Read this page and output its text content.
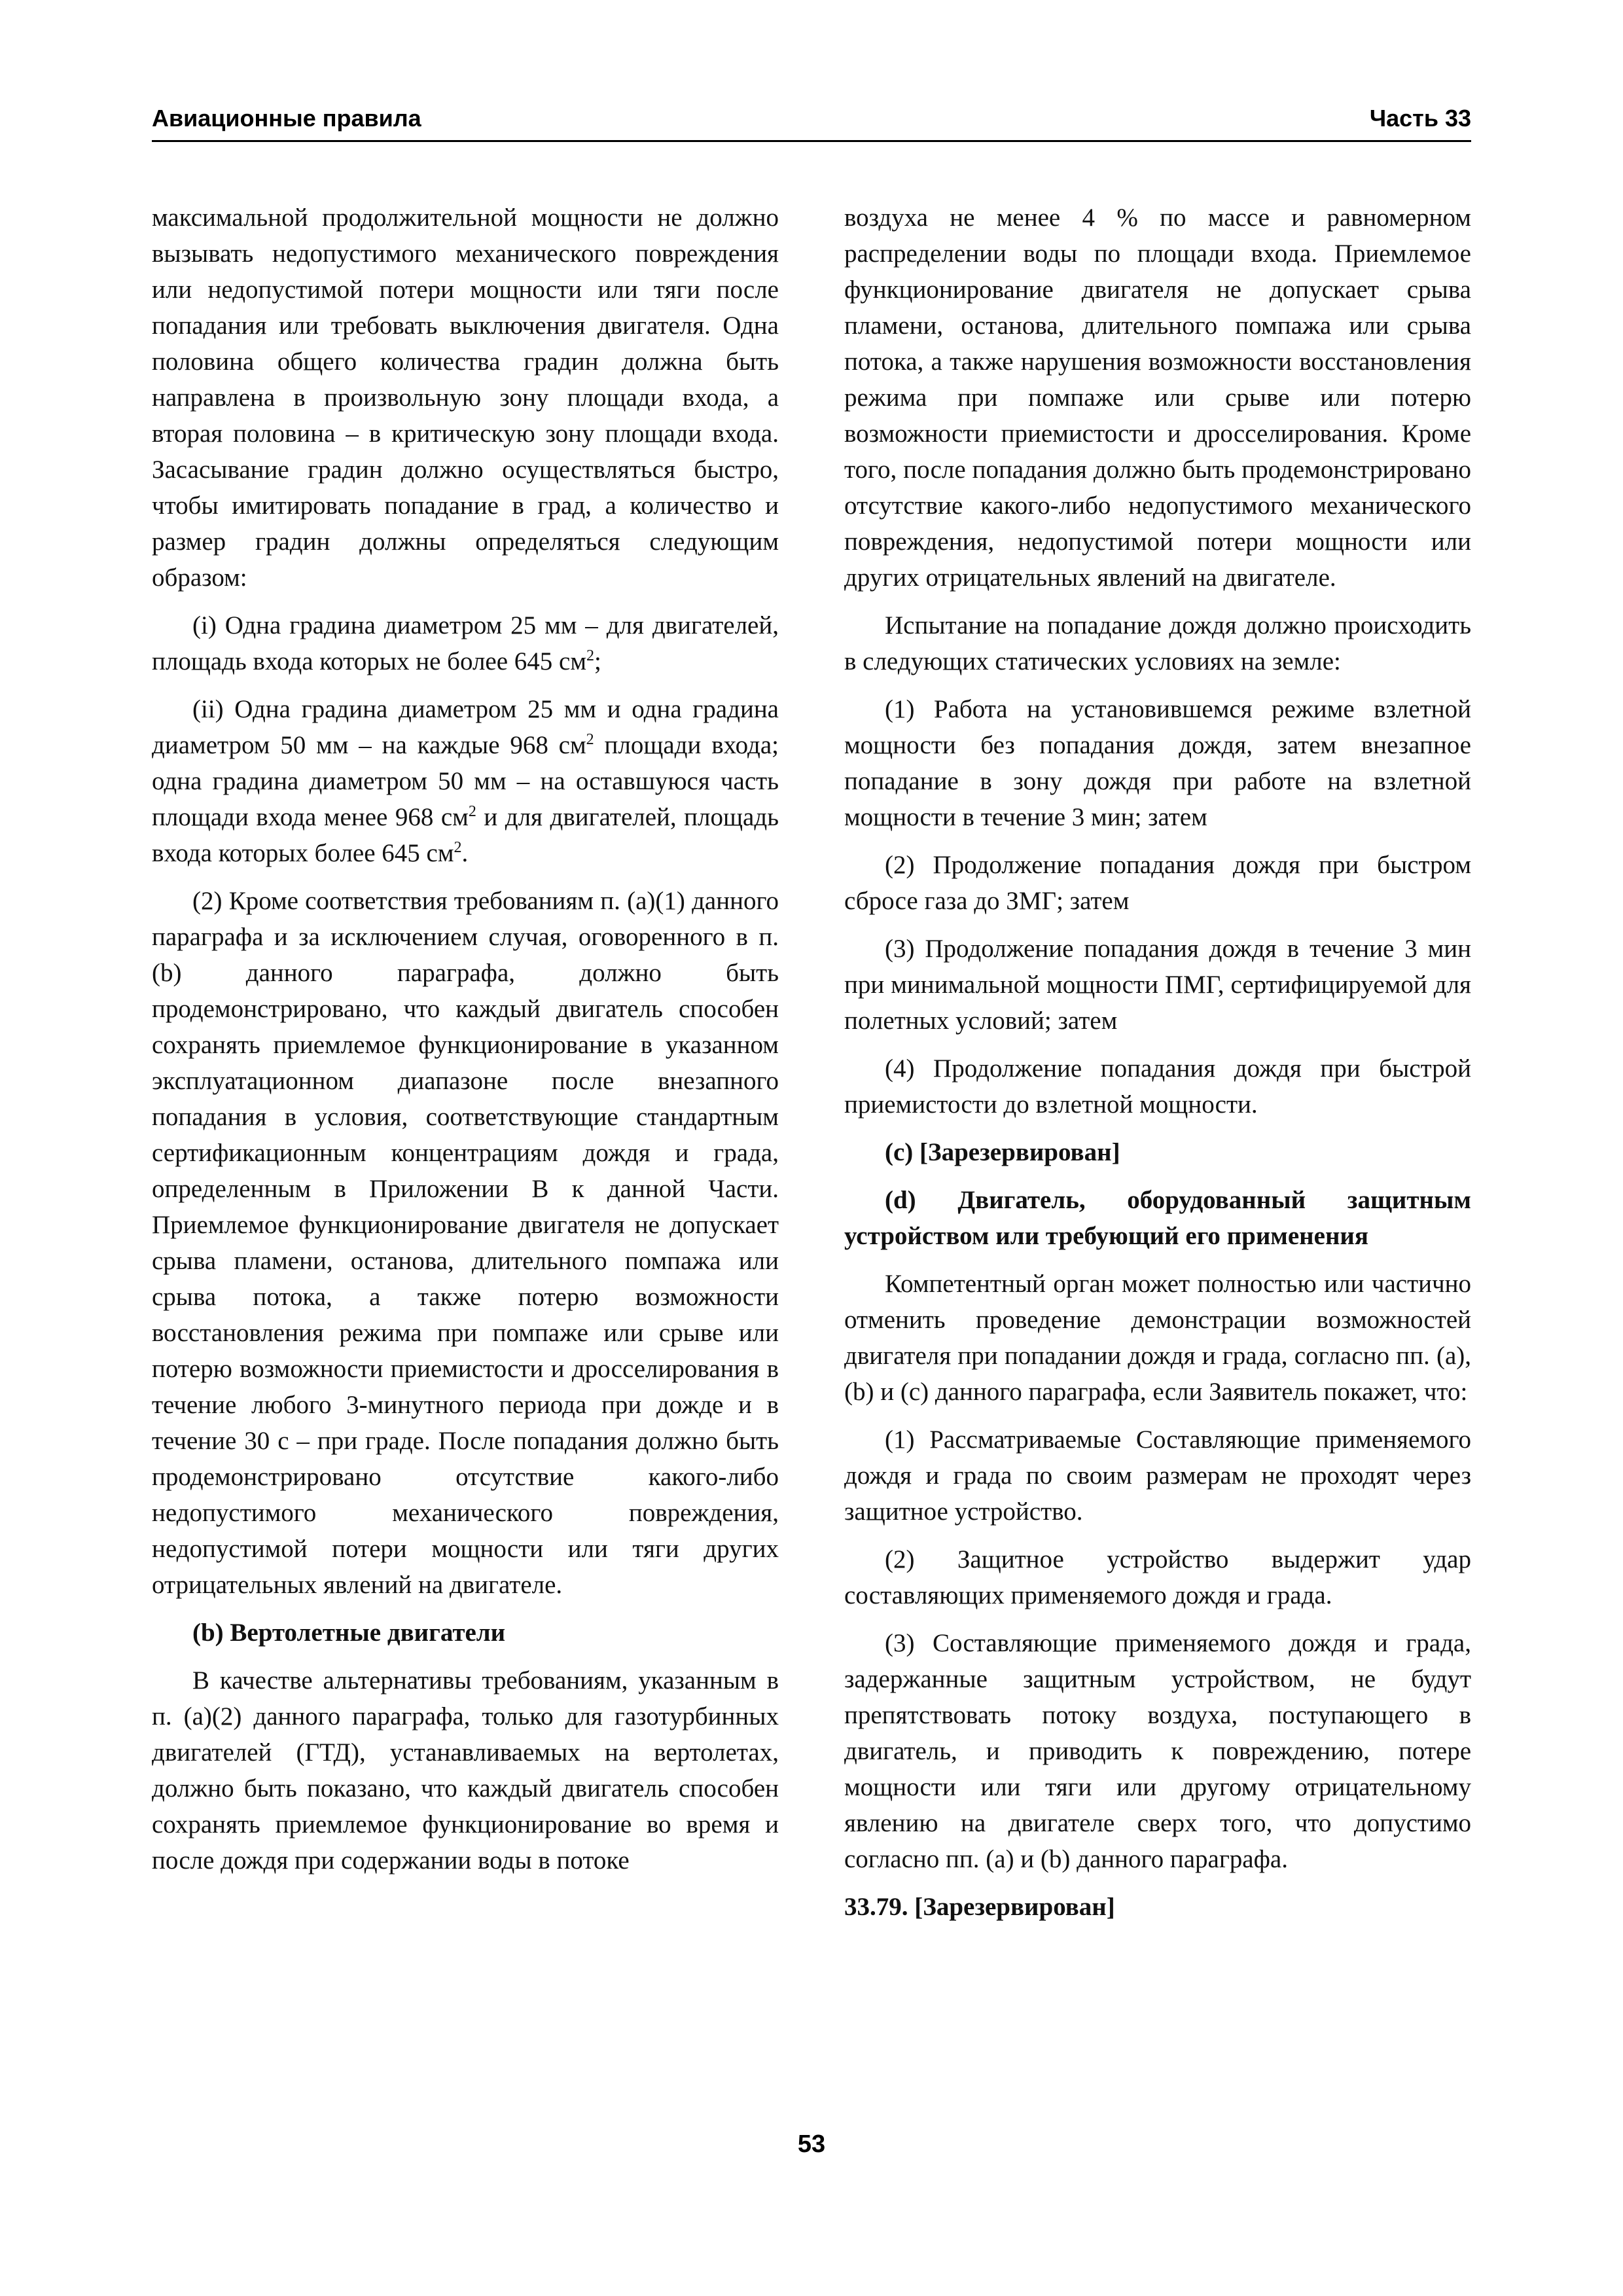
Авиационные правила	Часть 33

максимальной продолжительной мощности не должно вызывать недопустимого механического повреждения или недопустимой потери мощности или тяги после попадания или требовать выключения двигателя. Одна половина общего количества градин должна быть направлена в произвольную зону площади входа, а вторая половина – в критическую зону площади входа. Засасывание градин должно осуществляться быстро, чтобы имитировать попадание в град, а количество и размер градин должны определяться следующим образом:

(i) Одна градина диаметром 25 мм – для двигателей, площадь входа которых не более 645 $см^2$;

(ii) Одна градина диаметром 25 мм и одна градина диаметром 50 мм – на каждые 968 $см^2$ площади входа; одна градина диаметром 50 мм – на оставшуюся часть площади входа менее 968 $см^2$ и для двигателей, площадь входа которых более 645 $см^2$.

(2) Кроме соответствия требованиям п. (a)(1) данного параграфа и за исключением случая, оговоренного в п. (b) данного параграфа, должно быть продемонстрировано, что каждый двигатель способен сохранять приемлемое функционирование в указанном эксплуатационном диапазоне после внезапного попадания в условия, соответствующие стандартным сертификационным концентрациям дождя и града, определенным в Приложении В к данной Части. Приемлемое функционирование двигателя не допускает срыва пламени, останова, длительного помпажа или срыва потока, а также потерю возможности восстановления режима при помпаже или срыве или потерю возможности приемистости и дросселирования в течение любого 3-минутного периода при дожде и в течение 30 с – при граде. После попадания должно быть продемонстрировано отсутствие какого-либо недопустимого механического повреждения, недопустимой потери мощности или тяги других отрицательных явлений на двигателе.

(b) Вертолетные двигатели

В качестве альтернативы требованиям, указанным в п. (a)(2) данного параграфа, только для газотурбинных двигателей (ГТД), устанавливаемых на вертолетах, должно быть показано, что каждый двигатель способен сохранять приемлемое функционирование во время и после дождя при содержании воды в потоке

воздуха не менее 4 % по массе и равномерном распределении воды по площади входа. Приемлемое функционирование двигателя не допускает срыва пламени, останова, длительного помпажа или срыва потока, а также нарушения возможности восстановления режима при помпаже или срыве или потерю возможности приемистости и дросселирования. Кроме того, после попадания должно быть продемонстрировано отсутствие какого-либо недопустимого механического повреждения, недопустимой потери мощности или других отрицательных явлений на двигателе.

Испытание на попадание дождя должно происходить в следующих статических условиях на земле:

(1) Работа на установившемся режиме взлетной мощности без попадания дождя, затем внезапное попадание в зону дождя при работе на взлетной мощности в течение 3 мин; затем

(2) Продолжение попадания дождя при быстром сбросе газа до ЗМГ; затем

(3) Продолжение попадания дождя в течение 3 мин при минимальной мощности ПМГ, сертифицируемой для полетных условий; затем

(4) Продолжение попадания дождя при быстрой приемистости до взлетной мощности.

(c) [Зарезервирован]

(d) Двигатель, оборудованный защитным устройством или требующий его применения

Компетентный орган может полностью или частично отменить проведение демонстрации возможностей двигателя при попадании дождя и града, согласно пп. (a), (b) и (c) данного параграфа, если Заявитель покажет, что:

(1) Рассматриваемые Составляющие применяемого дождя и града по своим размерам не проходят через защитное устройство.

(2) Защитное устройство выдержит удар составляющих применяемого дождя и града.

(3) Составляющие применяемого дождя и града, задержанные защитным устройством, не будут препятствовать потоку воздуха, поступающего в двигатель, и приводить к повреждению, потере мощности или тяги или другому отрицательному явлению на двигателе сверх того, что допустимо согласно пп. (a) и (b) данного параграфа.

33.79. [Зарезервирован]

53
